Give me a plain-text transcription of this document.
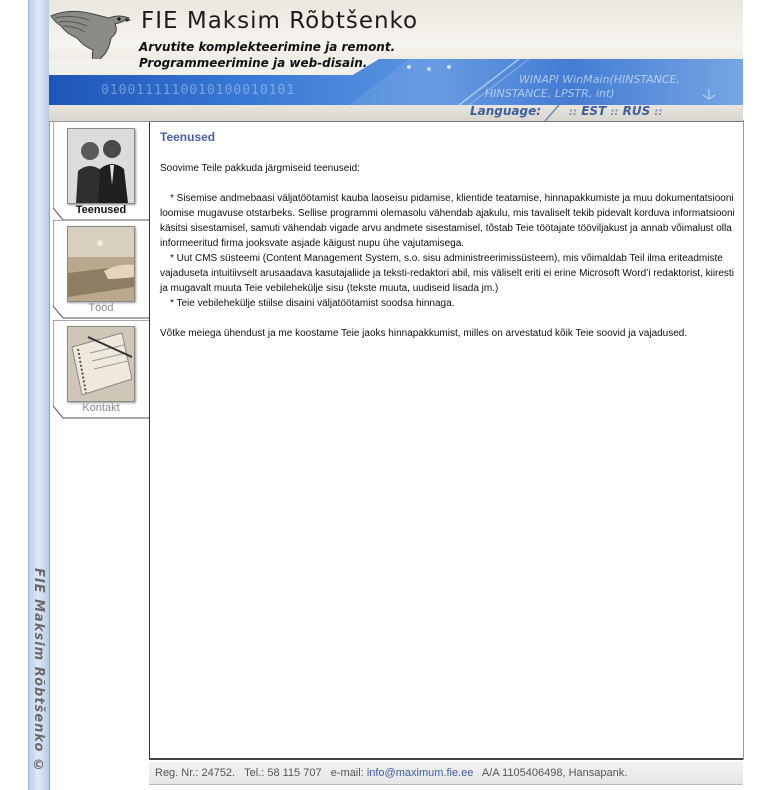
FIE Maksim Rõbtšenko ©
FIE Maksim Rõbtšenko
Arvutite komplekteerimine ja remont.
Programmeerimine ja web-disain.
0100111110010100010101
WINAPI WinMain(HINSTANCE,
HINSTANCE, LPSTR, int)
Language:	:: EST :: RUS ::
Teenused
Tööd
Kontakt
Teenused

Soovime Teile pakkuda järgmiseid teenuseid:

* Sisemise andmebaasi väljatöötamist kauba laoseisu pidamise, klientide teatamise, hinnapakkumiste ja muu dokumentatsiooni loomise mugavuse otstarbeks. Sellise programmi olemasolu vähendab ajakulu, mis tavaliselt tekib pidevalt korduva informatsiooni käsitsi sisestamisel, samuti vähendab vigade arvu andmete sisestamisel, tõstab Teie töötajate tööviljakust ja annab võimalust olla informeeritud firma jooksvate asjade käigust nupu ühe vajutamisega.

* Uut CMS süsteemi (Content Management System, s.o. sisu administreerimissüsteem), mis võimaldab Teil ilma eriteadmiste vajaduseta intuitiivselt arusaadava kasutajaliide ja teksti-redaktori abil, mis väliselt eriti ei erine Microsoft Word’i redaktorist, kiiresti ja mugavalt muuta Teie vebilehekülje sisu (tekste muuta, uudiseid lisada jm.)

* Teie vebilehekülje stiilse disaini väljatöötamist soodsa hinnaga.

Võtke meiega ühendust ja me koostame Teie jaoks hinnapakkumist, milles on arvestatud kõik Teie soovid ja vajadused.

Reg. Nr.: 24752. Tel.: 58 115 707 e-mail: info@maximum.fie.ee A/A 1105406498, Hansapank.
